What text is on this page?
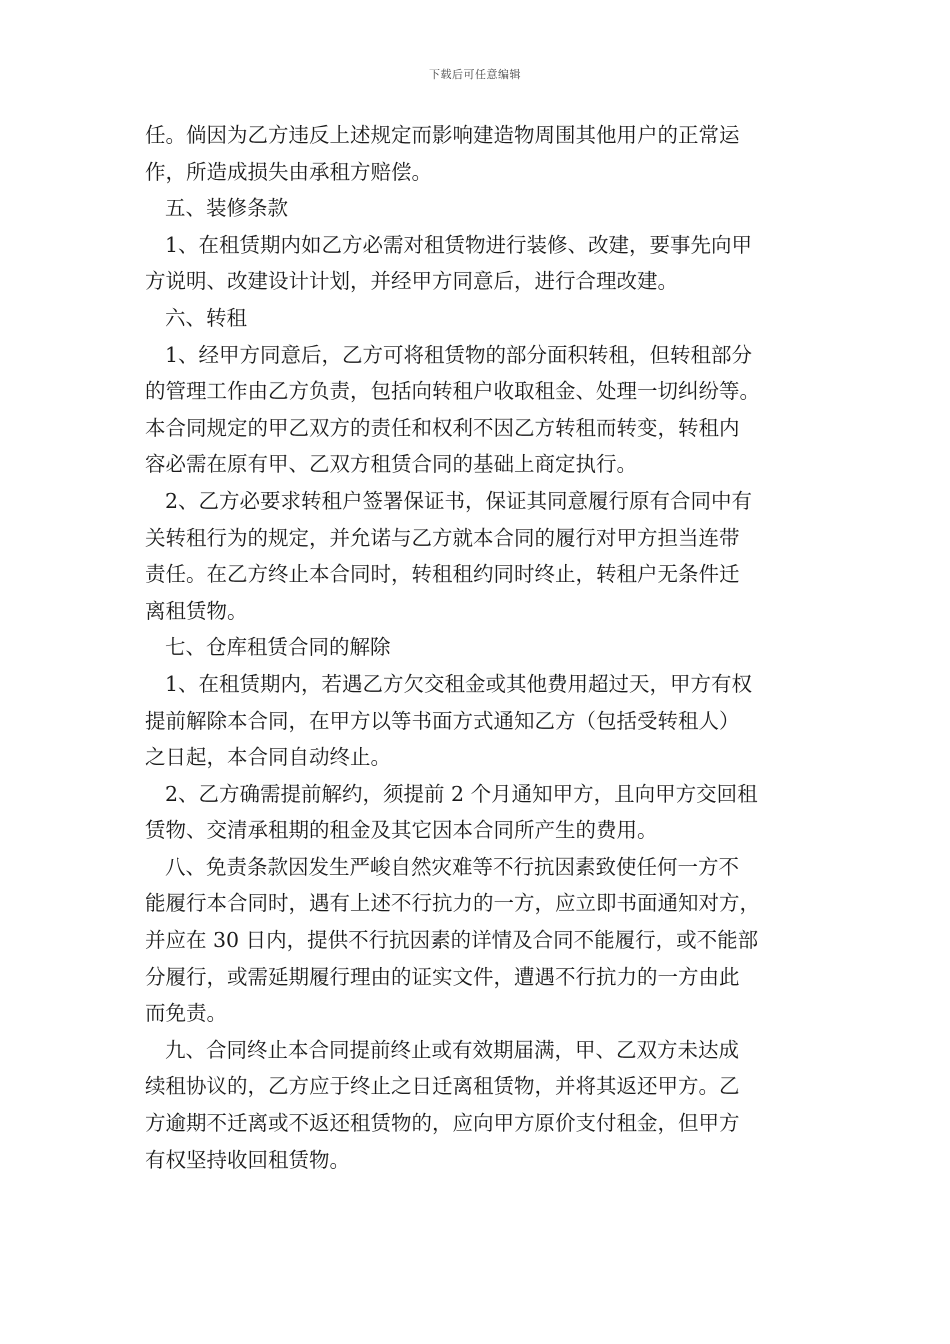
下载后可任意编辑
任。倘因为乙方违反上述规定而影响建造物周围其他用户的正常运
作，所造成损失由承租方赔偿。
五、装修条款
1、在租赁期内如乙方必需对租赁物进行装修、改建，要事先向甲
方说明、改建设计计划，并经甲方同意后，进行合理改建。
六、转租
1、经甲方同意后，乙方可将租赁物的部分面积转租，但转租部分
的管理工作由乙方负责，包括向转租户收取租金、处理一切纠纷等。
本合同规定的甲乙双方的责任和权利不因乙方转租而转变，转租内
容必需在原有甲、乙双方租赁合同的基础上商定执行。
2、乙方必要求转租户签署保证书，保证其同意履行原有合同中有
关转租行为的规定，并允诺与乙方就本合同的履行对甲方担当连带
责任。在乙方终止本合同时，转租租约同时终止，转租户无条件迁
离租赁物。
七、仓库租赁合同的解除
1、在租赁期内，若遇乙方欠交租金或其他费用超过天，甲方有权
提前解除本合同，在甲方以等书面方式通知乙方（包括受转租人）
之日起，本合同自动终止。
2、乙方确需提前解约，须提前 2 个月通知甲方，且向甲方交回租
赁物、交清承租期的租金及其它因本合同所产生的费用。
八、免责条款因发生严峻自然灾难等不行抗因素致使任何一方不
能履行本合同时，遇有上述不行抗力的一方，应立即书面通知对方，
并应在 30 日内，提供不行抗因素的详情及合同不能履行，或不能部
分履行，或需延期履行理由的证实文件，遭遇不行抗力的一方由此
而免责。
九、合同终止本合同提前终止或有效期届满，甲、乙双方未达成
续租协议的，乙方应于终止之日迁离租赁物，并将其返还甲方。乙
方逾期不迁离或不返还租赁物的，应向甲方原价支付租金，但甲方
有权坚持收回租赁物。
